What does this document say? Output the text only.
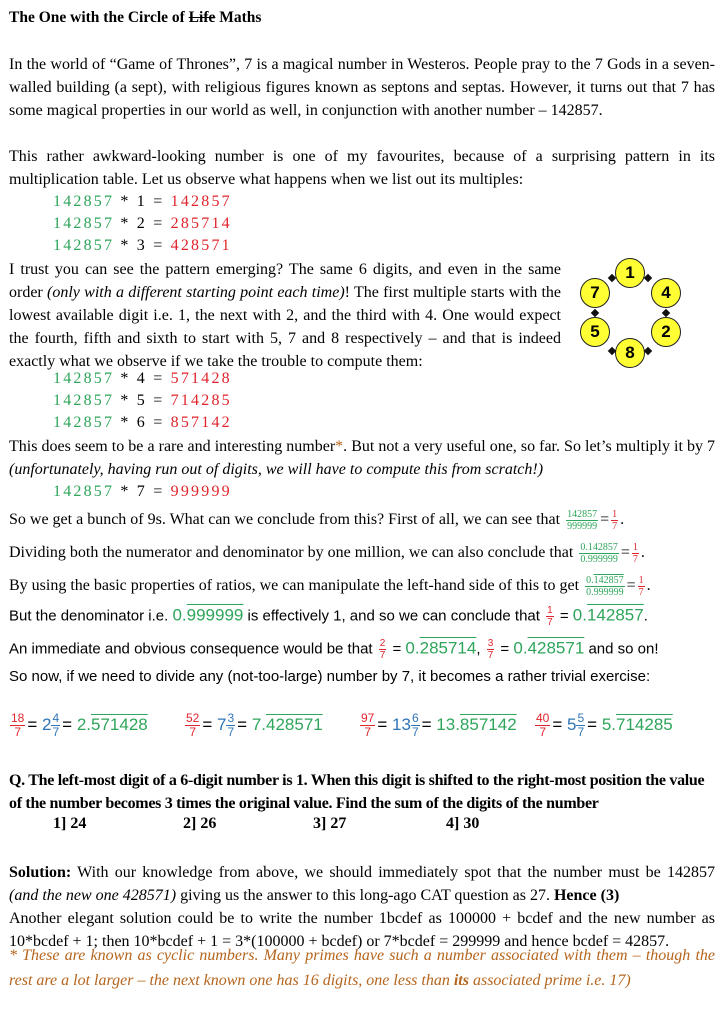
The One with the Circle of Life Maths
In the world of “Game of Thrones”, 7 is a magical number in Westeros. People pray to the 7 Gods in a seven-walled building (a sept), with religious figures known as septons and septas. However, it turns out that 7 has some magical properties in our world as well, in conjunction with another number – 142857.
This rather awkward-looking number is one of my favourites, because of a surprising pattern in its multiplication table. Let us observe what happens when we list out its multiples:
142857 * 1 = 142857
142857 * 2 = 285714
142857 * 3 = 428571
I trust you can see the pattern emerging? The same 6 digits, and even in the same order (only with a different starting point each time)! The first multiple starts with the lowest available digit i.e. 1, the next with 2, and the third with 4. One would expect the fourth, fifth and sixth to start with 5, 7 and 8 respectively – and that is indeed exactly what we observe if we take the trouble to compute them:
1
4
2
8
5
7
142857 * 4 = 571428
142857 * 5 = 714285
142857 * 6 = 857142
This does seem to be a rare and interesting number*. But not a very useful one, so far. So let’s multiply it by 7 (unfortunately, having run out of digits, we will have to compute this from scratch!)
142857 * 7 = 999999
So we get a bunch of 9s. What can we conclude from this? First of all, we can see that $\frac{142857}{999999} = \frac{1}{7}$ .
Dividing both the numerator and denominator by one million, we can also conclude that $\frac{0.142857}{0.999999} = \frac{1}{7}$ .
By using the basic properties of ratios, we can manipulate the left-hand side of this to get $\frac{0.142857}{0.999999} = \frac{1}{7}$ .
But the denominator i.e. 0.999999 is effectively 1, and so we can conclude that $\frac{1}{7} = 0.142857$.
An immediate and obvious consequence would be that $\frac{2}{7} = 0.285714$, $\frac{3}{7} = 0.428571$ and so on!
So now, if we need to divide any (not-too-large) number by 7, it becomes a rather trivial exercise:
$\frac{18}{7} = 2 \frac{4}{7} = 2.571428$	$\frac{52}{7} = 7 \frac{3}{7} = 7.428571$	$\frac{97}{7} = 13 \frac{6}{7} = 13.857142 \frac{40}{7} = 5 \frac{5}{7} = 5.714285$
Q. The left-most digit of a 6-digit number is 1. When this digit is shifted to the right-most position the value of the number becomes 3 times the original value. Find the sum of the digits of the number
1] 24	2] 26	3] 27	4] 30
Solution: With our knowledge from above, we should immediately spot that the number must be 142857 (and the new one 428571) giving us the answer to this long-ago CAT question as 27. Hence (3)
Another elegant solution could be to write the number 1bcdef as 100000 + bcdef and the new number as 10*bcdef + 1; then 10*bcdef + 1 = 3*(100000 + bcdef) or 7*bcdef = 299999 and hence bcdef = 42857.
* These are known as cyclic numbers. Many primes have such a number associated with them – though the rest are a lot larger – the next known one has 16 digits, one less than its associated prime i.e. 17)
